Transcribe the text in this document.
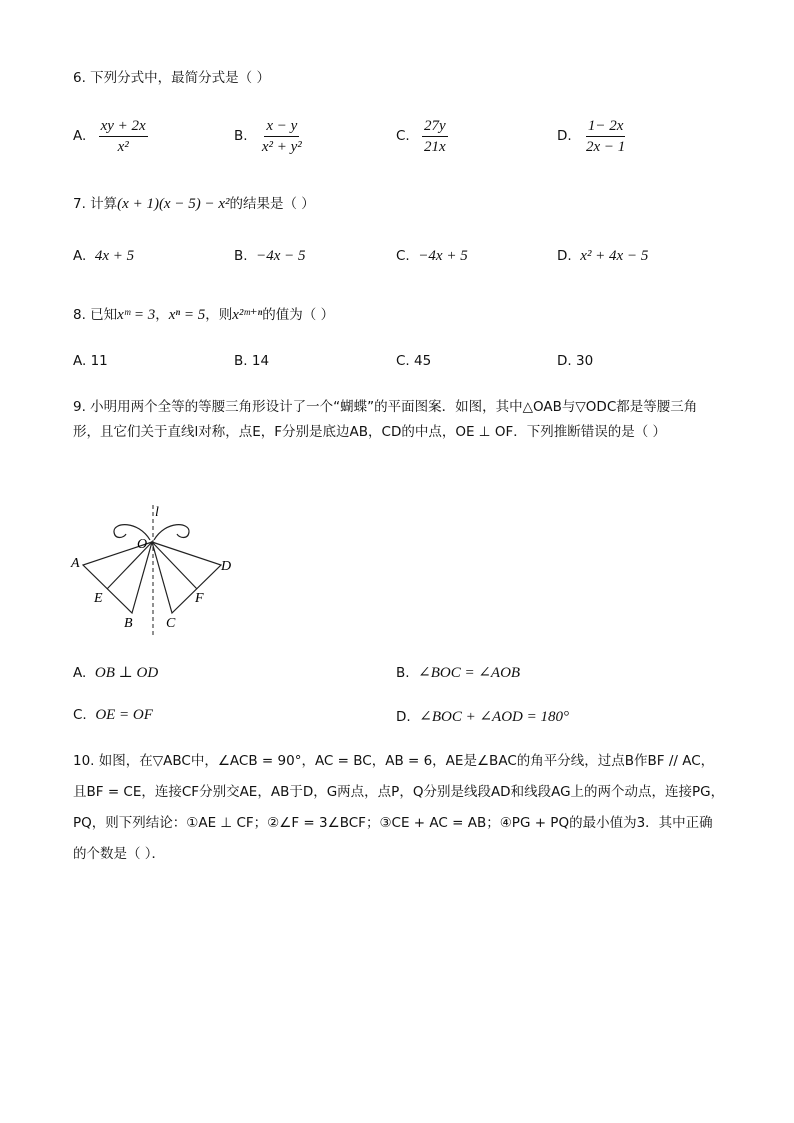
6. 下列分式中，最简分式是（ ）
A. $\frac{xy + 2x}{\text{x²}}$	B. $\frac{x - y}{\text{x² + y²}}$	C. $\frac{27y}{21x}$	D. $\frac{1- 2x}{2x - 1}$
7. 计算(x + 1)(x − 5) − x²的结果是（ ）
A. 4x + 5	B. −4x − 5	C. −4x + 5	D. x² + 4x − 5
8. 已知xᵐ = 3，xⁿ = 5，则x²ᵐ⁺ⁿ的值为（ ）
A. 11	B. 14	C. 45	D. 30
9. 小明用两个全等的等腰三角形设计了一个“蝴蝶”的平面图案．如图，其中△OAB与▽ODC都是等腰三角形，且它们关于直线l对称，点E，F分别是底边AB，CD的中点，OE ⊥ OF．下列推断错误的是（ ）
l
O
A
E
B C
F
D
A. OB ⊥ OD	B. ∠BOC = ∠AOB
C. OE = OF	D. ∠BOC + ∠AOD = 180°
10. 如图，在▽ABC中，∠ACB = 90°，AC = BC，AB = 6，AE是∠BAC的角平分线，过点B作BF // AC，且BF = CE，连接CF分别交AE，AB于D，G两点，点P，Q分别是线段AD和线段AG上的两个动点，连接PG，PQ，则下列结论：①AE ⊥ CF；②∠F = 3∠BCF；③CE + AC = AB；④PG + PQ的最小值为3．其中正确的个数是（ ）．
